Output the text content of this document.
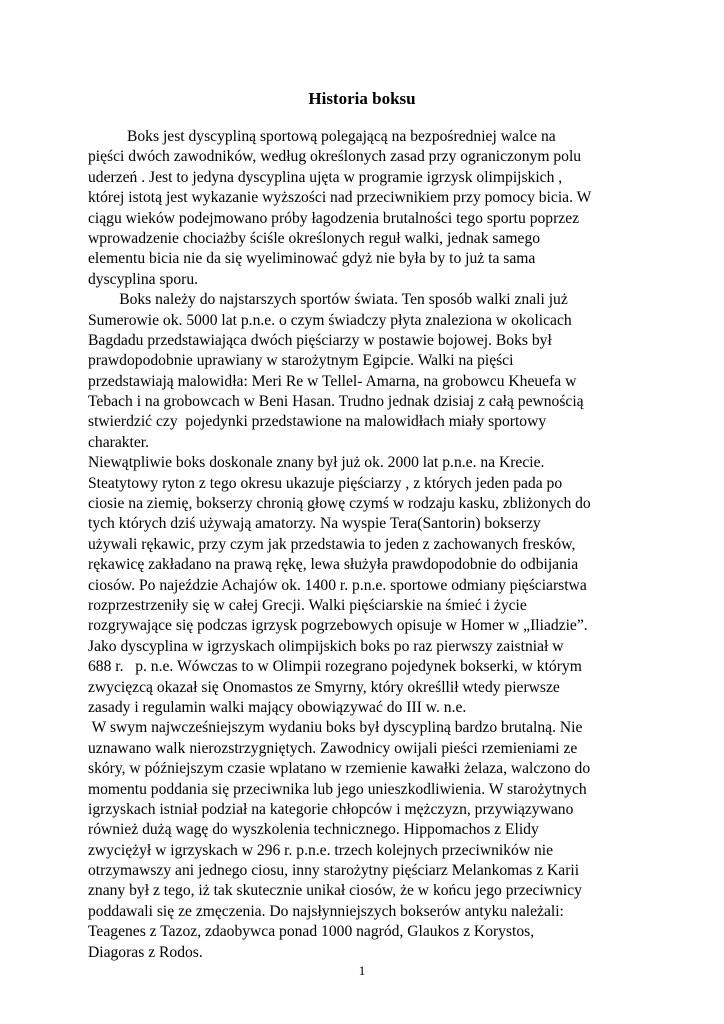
Historia boksu
Boks jest dyscypliną sportową polegającą na bezpośredniej walce na
pięści dwóch zawodników, według określonych zasad przy ograniczonym polu
uderzeń . Jest to jedyna dyscyplina ujęta w programie igrzysk olimpijskich ,
której istotą jest wykazanie wyższości nad przeciwnikiem przy pomocy bicia. W
ciągu wieków podejmowano próby łagodzenia brutalności tego sportu poprzez
wprowadzenie chociażby ściśle określonych reguł walki, jednak samego
elementu bicia nie da się wyeliminować gdyż nie była by to już ta sama
dyscyplina sporu.
Boks należy do najstarszych sportów świata. Ten sposób walki znali już
Sumerowie ok. 5000 lat p.n.e. o czym świadczy płyta znaleziona w okolicach
Bagdadu przedstawiająca dwóch pięściarzy w postawie bojowej. Boks był
prawdopodobnie uprawiany w starożytnym Egipcie. Walki na pięści
przedstawiają malowidła: Meri Re w Tellel- Amarna, na grobowcu Kheuefa w
Tebach i na grobowcach w Beni Hasan. Trudno jednak dzisiaj z całą pewnością
stwierdzić czy  pojedynki przedstawione na malowidłach miały sportowy
charakter.
Niewątpliwie boks doskonale znany był już ok. 2000 lat p.n.e. na Krecie.
Steatytowy ryton z tego okresu ukazuje pięściarzy , z których jeden pada po
ciosie na ziemię, bokserzy chronią głowę czymś w rodzaju kasku, zbliżonych do
tych których dziś używają amatorzy. Na wyspie Tera(Santorin) bokserzy
używali rękawic, przy czym jak przedstawia to jeden z zachowanych fresków,
rękawicę zakładano na prawą rękę, lewa służyła prawdopodobnie do odbijania
ciosów. Po najeździe Achajów ok. 1400 r. p.n.e. sportowe odmiany pięściarstwa
rozprzestrzeniły się w całej Grecji. Walki pięściarskie na śmieć i życie
rozgrywające się podczas igrzysk pogrzebowych opisuje w Homer w „Iliadzie”.
Jako dyscyplina w igrzyskach olimpijskich boks po raz pierwszy zaistniał w
688 r.   p. n.e. Wówczas to w Olimpii rozegrano pojedynek bokserki, w którym
zwycięzcą okazał się Onomastos ze Smyrny, który określlił wtedy pierwsze
zasady i regulamin walki mający obowiązywać do III w. n.e.
W swym najwcześniejszym wydaniu boks był dyscypliną bardzo brutalną. Nie
uznawano walk nierozstrzygniętych. Zawodnicy owijali pieści rzemieniami ze
skóry, w późniejszym czasie wplatano w rzemienie kawałki żelaza, walczono do
momentu poddania się przeciwnika lub jego unieszkodliwienia. W starożytnych
igrzyskach istniał podział na kategorie chłopców i mężczyzn, przywiązywano
również dużą wagę do wyszkolenia technicznego. Hippomachos z Elidy
zwyciężył w igrzyskach w 296 r. p.n.e. trzech kolejnych przeciwników nie
otrzymawszy ani jednego ciosu, inny starożytny pięściarz Melankomas z Karii
znany był z tego, iż tak skutecznie unikał ciosów, że w końcu jego przeciwnicy
poddawali się ze zmęczenia. Do najsłynniejszych bokserów antyku należali:
Teagenes z Tazoz, zdaobywca ponad 1000 nagród, Glaukos z Korystos,
Diagoras z Rodos.
1
